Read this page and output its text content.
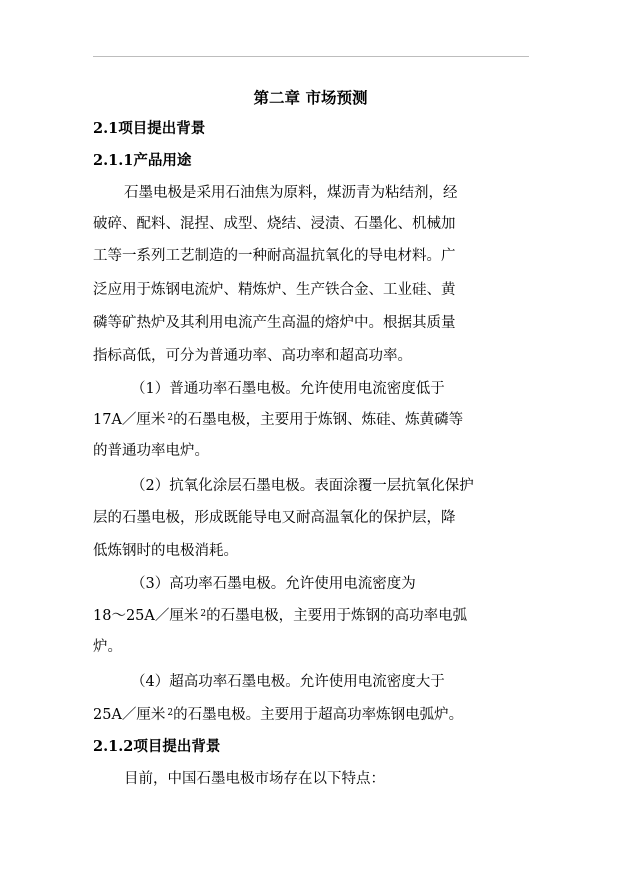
第二章 市场预测
2.1项目提出背景
2.1.1产品用途
石墨电极是采用石油焦为原料，煤沥青为粘结剂，经
破碎、配料、混捏、成型、烧结、浸渍、石墨化、机械加
工等一系列工艺制造的一种耐高温抗氧化的导电材料。广
泛应用于炼钢电流炉、精炼炉、生产铁合金、工业硅、黄
磷等矿热炉及其利用电流产生高温的熔炉中。根据其质量
指标高低，可分为普通功率、高功率和超高功率。
（1）普通功率石墨电极。允许使用电流密度低于
17A／厘米 $^2$的石墨电极，主要用于炼钢、炼硅、炼黄磷等
的普通功率电炉。
（2）抗氧化涂层石墨电极。表面涂覆一层抗氧化保护
层的石墨电极，形成既能导电又耐高温氧化的保护层，降
低炼钢时的电极消耗。
（3）高功率石墨电极。允许使用电流密度为
18～25A／厘米 $^2$的石墨电极，主要用于炼钢的高功率电弧
炉。
（4）超高功率石墨电极。允许使用电流密度大于
25A／厘米 $^2$的石墨电极。主要用于超高功率炼钢电弧炉。
2.1.2项目提出背景
目前，中国石墨电极市场存在以下特点：
